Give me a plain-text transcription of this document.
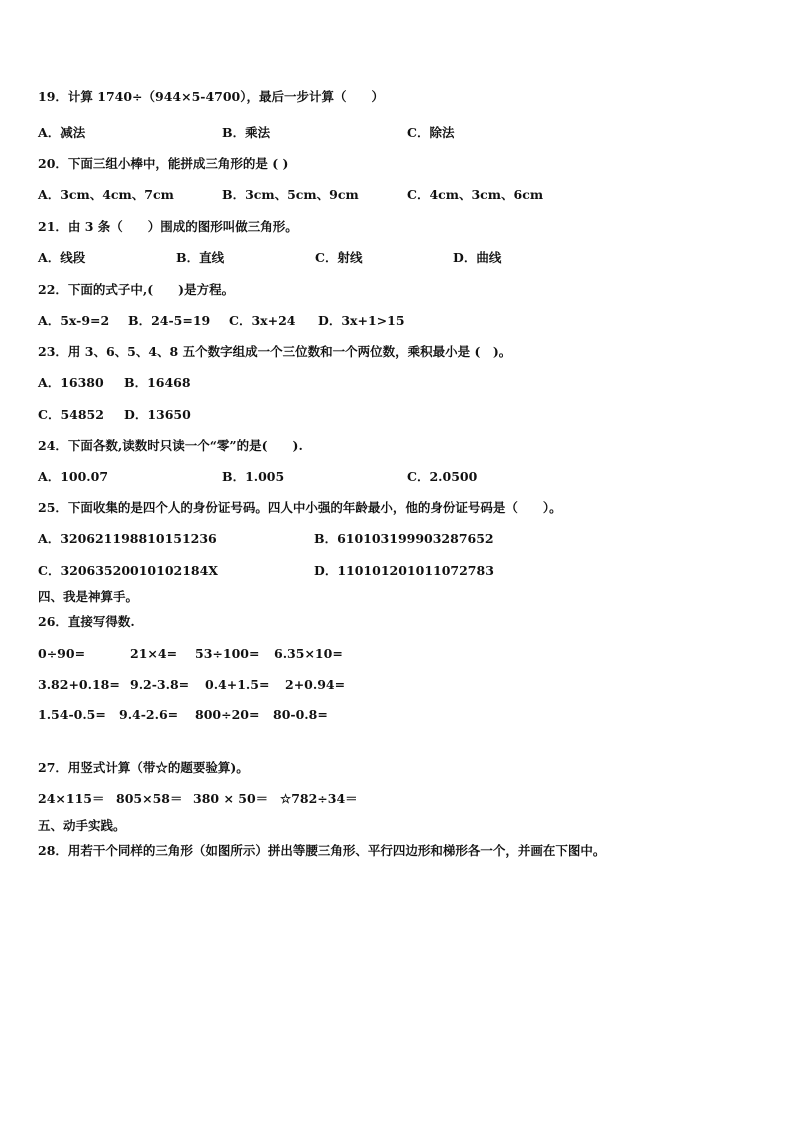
19．计算 1740÷（944×5-4700），最后一步计算（　　）
A．减法	B．乘法	C．除法
20．下面三组小棒中，能拼成三角形的是 ( )
A．3cm、4cm、7cm	B．3cm、5cm、9cm	C．4cm、3cm、6cm
21．由 3 条（　　）围成的图形叫做三角形。
A．线段	B．直线	C．射线	D．曲线
22．下面的式子中,(　　)是方程。
A．5x-9=2 B．24-5=19 C．3x+24 D．3x+1>15
23．用 3、6、5、4、8 五个数字组成一个三位数和一个两位数，乘积最小是 (　)。
A．16380 B．16468
C．54852 D．13650
24．下面各数,读数时只读一个“零”的是(　　).
A．100.07	B．1.005	C．2.0500
25．下面收集的是四个人的身份证号码。四人中小强的年龄最小，他的身份证号码是（　　）。
A．320621198810151236	B．610103199903287652
C．32063520010102184X	D．110101201011072783
四、我是神算手。
26．直接写得数.
0÷90=	21×4= 53÷100= 6.35×10=
3.82+0.18= 9.2-3.8= 0.4+1.5= 2+0.94=
1.54-0.5= 9.4-2.6= 800÷20= 80-0.8=
27．用竖式计算（带☆的题要验算)。
24×115＝ 805×58＝ 380 × 50＝ ☆782÷34＝
五、动手实践。
28．用若干个同样的三角形（如图所示）拼出等腰三角形、平行四边形和梯形各一个，并画在下图中。
